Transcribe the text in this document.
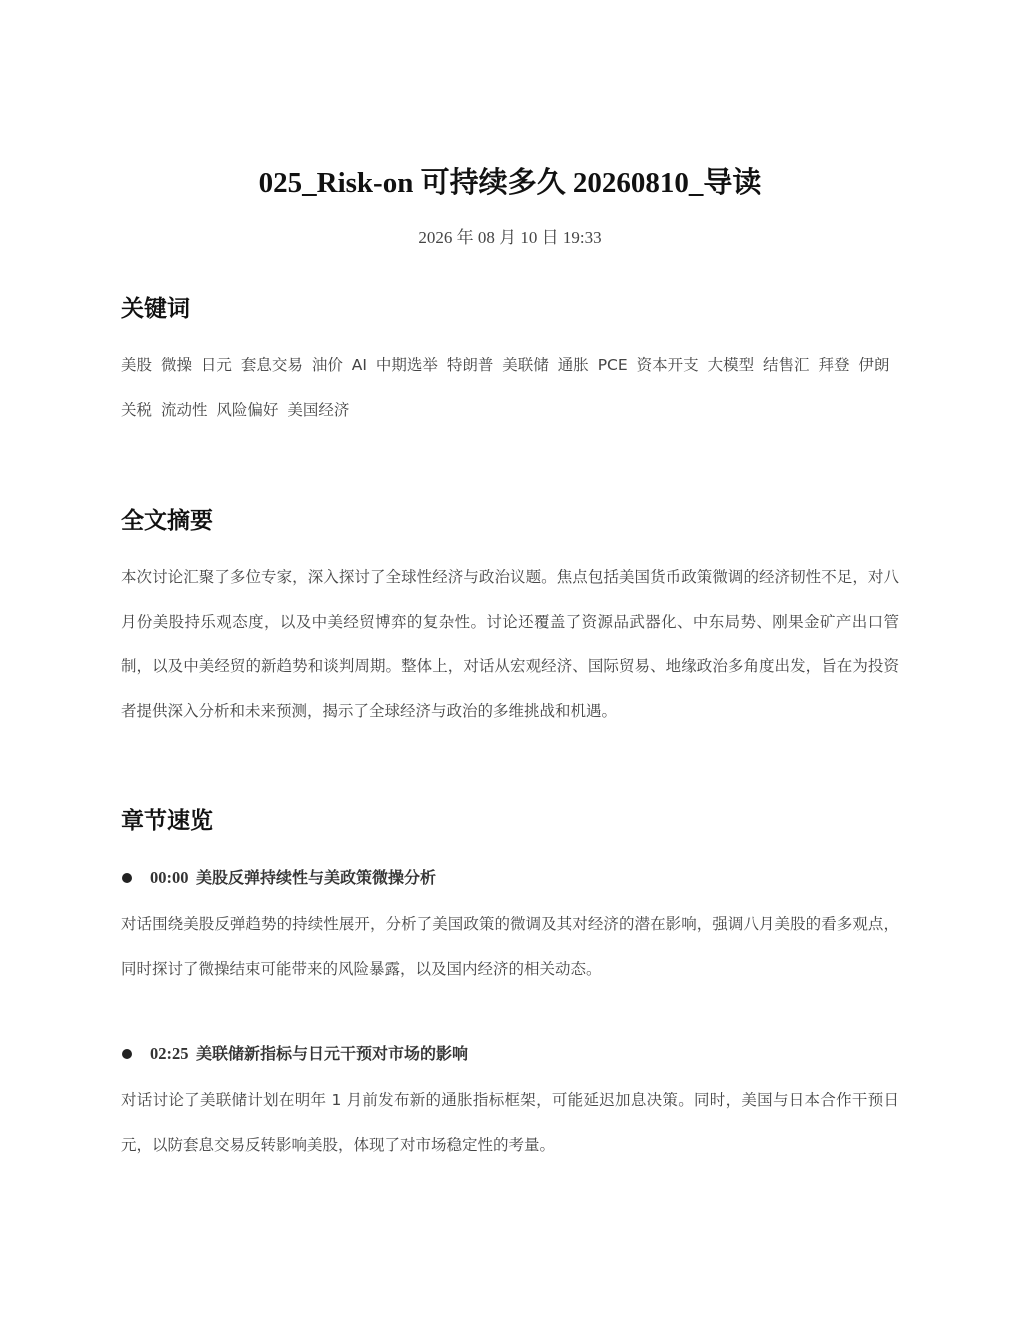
025_Risk-on 可持续多久 20260810_导读
2026 年 08 月 10 日 19:33
关键词

美股 微操 日元 套息交易 油价 AI 中期选举 特朗普 美联储 通胀 PCE 资本开支 大模型 结售汇 拜登 伊朗 关税 流动性 风险偏好 美国经济

全文摘要

本次讨论汇聚了多位专家，深入探讨了全球性经济与政治议题。焦点包括美国货币政策微调的经济韧性不足，对八月份美股持乐观态度，以及中美经贸博弈的复杂性。讨论还覆盖了资源品武器化、中东局势、刚果金矿产出口管制，以及中美经贸的新趋势和谈判周期。整体上，对话从宏观经济、国际贸易、地缘政治多角度出发，旨在为投资者提供深入分析和未来预测，揭示了全球经济与政治的多维挑战和机遇。

章节速览
00:00 美股反弹持续性与美政策微操分析

对话围绕美股反弹趋势的持续性展开，分析了美国政策的微调及其对经济的潜在影响，强调八月美股的看多观点，同时探讨了微操结束可能带来的风险暴露，以及国内经济的相关动态。

02:25 美联储新指标与日元干预对市场的影响

对话讨论了美联储计划在明年 1 月前发布新的通胀指标框架，可能延迟加息决策。同时，美国与日本合作干预日元，以防套息交易反转影响美股，体现了对市场稳定性的考量。
